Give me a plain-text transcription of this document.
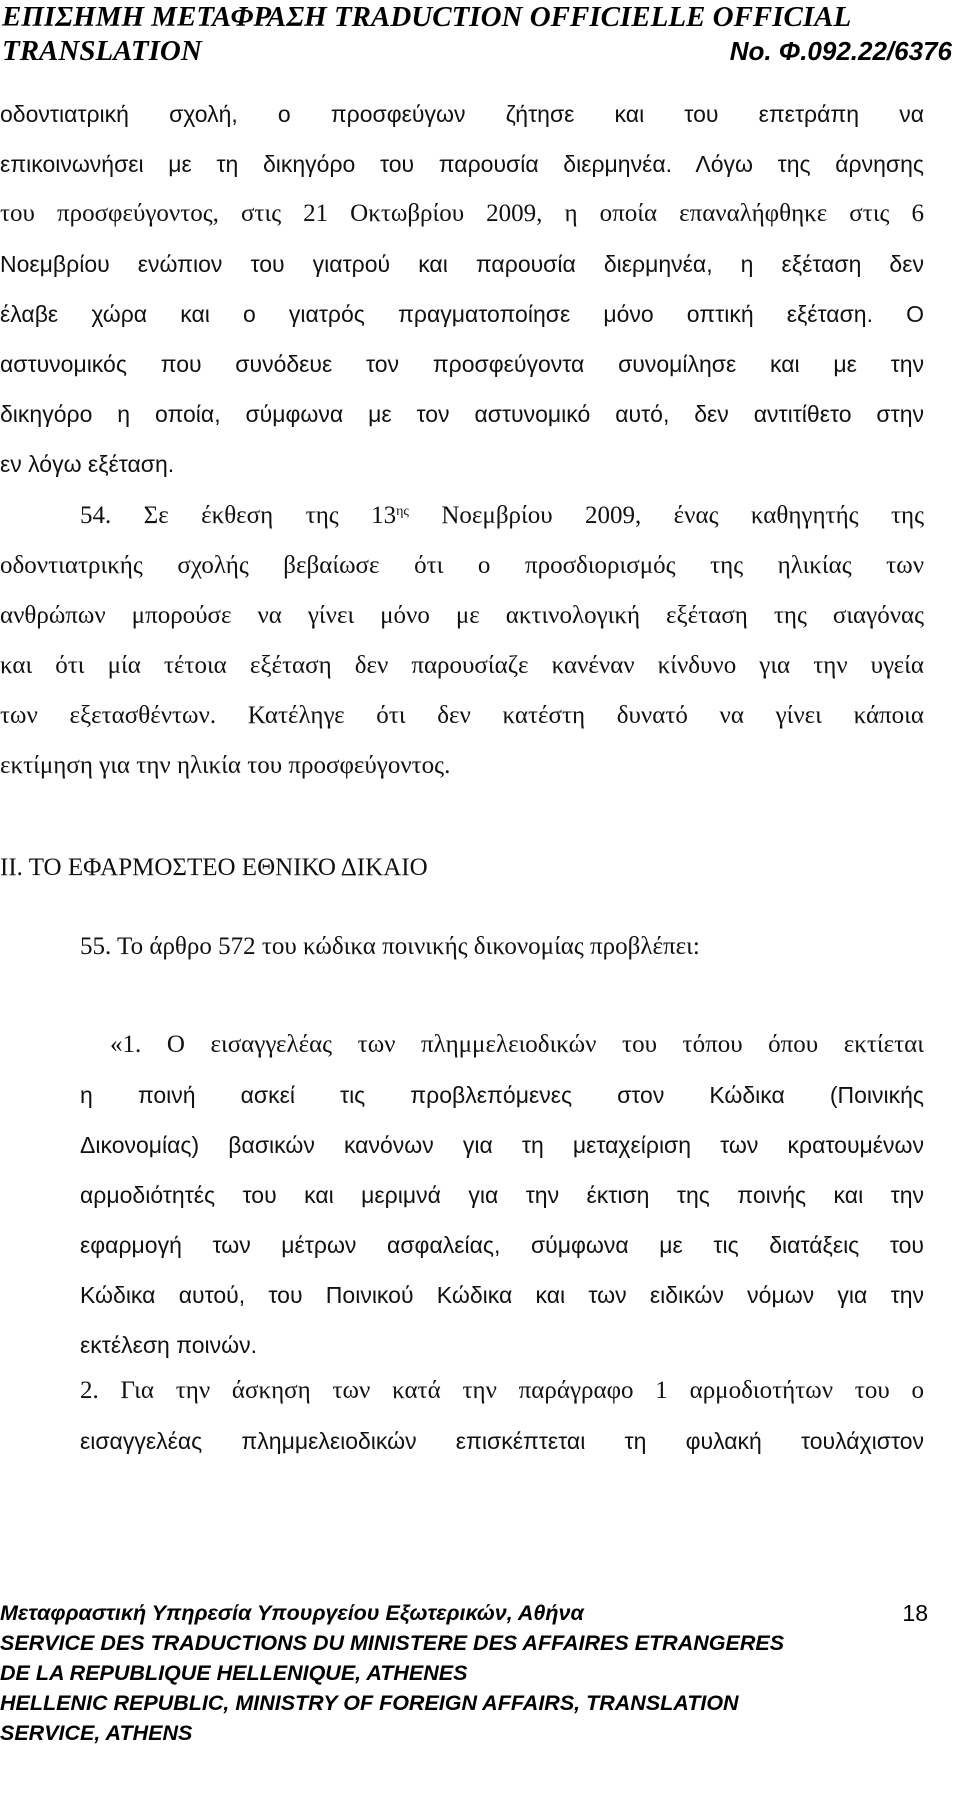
ΕΠΙΣΗΜΗ ΜΕΤΑΦΡΑΣΗ TRADUCTION OFFICIELLE OFFICIAL
TRANSLATION	No. Φ.092.22/6376
οδοντιατρική σχολή, ο προσφεύγων ζήτησε και του επετράπη να
επικοινωνήσει με τη δικηγόρο του παρουσία διερμηνέα. Λόγω της άρνησης
του προσφεύγοντος, στις 21 Οκτωβρίου 2009, η οποία επαναλήφθηκε στις 6
Νοεμβρίου ενώπιον του γιατρού και παρουσία διερμηνέα, η εξέταση δεν
έλαβε χώρα και ο γιατρός πραγματοποίησε μόνο οπτική εξέταση. Ο
αστυνομικός που συνόδευε τον προσφεύγοντα συνομίλησε και με την
δικηγόρο η οποία, σύμφωνα με τον αστυνομικό αυτό, δεν αντιτίθετο στην
εν λόγω εξέταση.
54. Σε έκθεση της $13^{\eta\varsigma}$ Νοεμβρίου 2009, ένας καθηγητής της
οδοντιατρικής σχολής βεβαίωσε ότι ο προσδιορισμός της ηλικίας των
ανθρώπων μπορούσε να γίνει μόνο με ακτινολογική εξέταση της σιαγόνας
και ότι μία τέτοια εξέταση δεν παρουσίαζε κανέναν κίνδυνο για την υγεία
των εξετασθέντων. Κατέληγε ότι δεν κατέστη δυνατό να γίνει κάποια
εκτίμηση για την ηλικία του προσφεύγοντος.
ΙΙ. ΤΟ ΕΦΑΡΜΟΣΤΕΟ ΕΘΝΙΚΟ ΔΙΚΑΙΟ
55. Το άρθρο 572 του κώδικα ποινικής δικονομίας προβλέπει:
«1. Ο εισαγγελέας των πλημμελειοδικών του τόπου όπου εκτίεται
η ποινή ασκεί τις προβλεπόμενες στον Κώδικα (Ποινικής
Δικονομίας) βασικών κανόνων για τη μεταχείριση των κρατουμένων
αρμοδιότητές του και μεριμνά για την έκτιση της ποινής και την
εφαρμογή των μέτρων ασφαλείας, σύμφωνα με τις διατάξεις του
Κώδικα αυτού, του Ποινικού Κώδικα και των ειδικών νόμων για την
εκτέλεση ποινών.
2. Για την άσκηση των κατά την παράγραφο 1 αρμοδιοτήτων του ο
εισαγγελέας πλημμελειοδικών επισκέπτεται τη φυλακή τουλάχιστον
Μεταφραστική Υπηρεσία Υπουργείου Εξωτερικών, Αθήνα	18
SERVICE DES TRADUCTIONS DU MINISTERE DES AFFAIRES ETRANGERES
DE LA REPUBLIQUE HELLENIQUE, ATHENES
HELLENIC REPUBLIC, MINISTRY OF FOREIGN AFFAIRS, TRANSLATION
SERVICE, ATHENS
